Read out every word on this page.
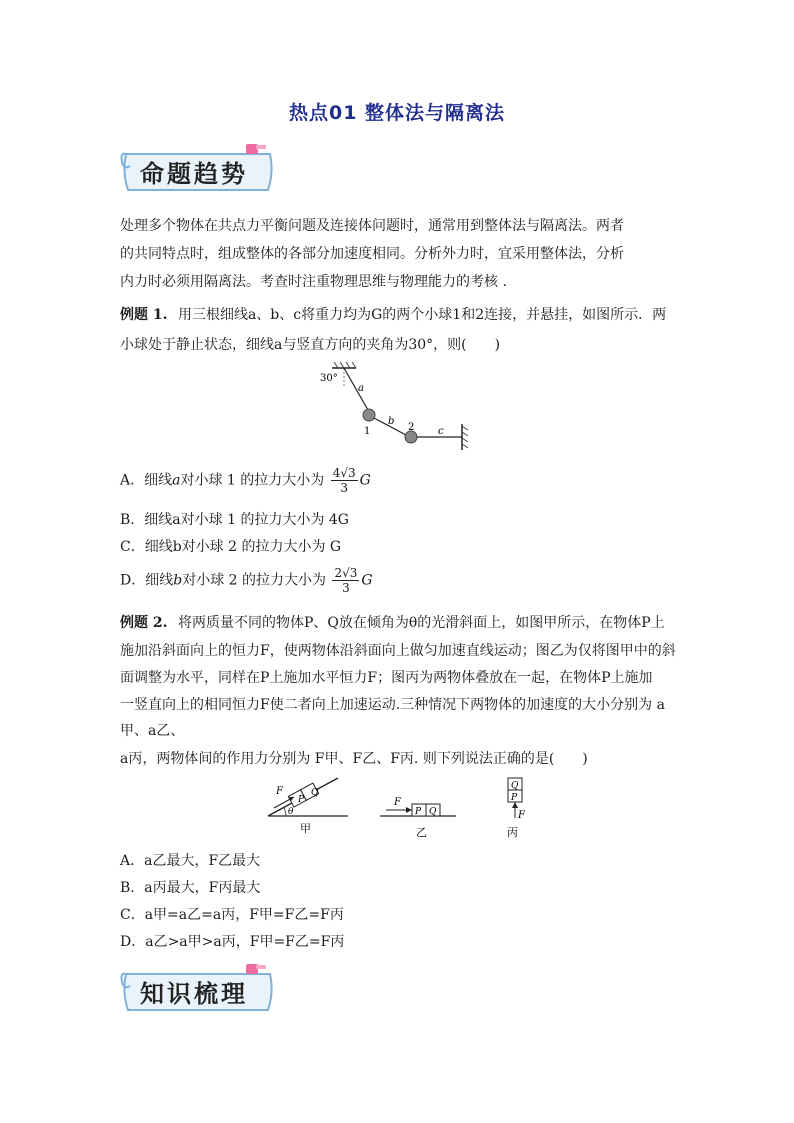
热点01 整体法与隔离法
命题趋势
处理多个物体在共点力平衡问题及连接体问题时，通常用到整体法与隔离法。两者
的共同特点时，组成整体的各部分加速度相同。分析外力时，宜采用整体法，分析
内力时必须用隔离法。考查时注重物理思维与物理能力的考核 .
例题 1. 用三根细线a、b、c将重力均为G的两个小球1和2连接，并悬挂，如图所示．两
小球处于静止状态，细线a与竖直方向的夹角为30°，则(　　)
30°
a
b
c
1	2
A．细线a对小球 1 的拉力大小为 $\frac{4√3}{3}$ G
B．细线a对小球 1 的拉力大小为 4G
C．细线b对小球 2 的拉力大小为 G
D．细线b对小球 2 的拉力大小为 $\frac{2√3}{3}$ G
例题 2. 将两质量不同的物体P、Q放在倾角为θ的光滑斜面上，如图甲所示，在物体P上
施加沿斜面向上的恒力F，使两物体沿斜面向上做匀加速直线运动；图乙为仅将图甲中的斜
面调整为水平，同样在P上施加水平恒力F；图丙为两物体叠放在一起，在物体P上施加
一竖直向上的相同恒力F使二者向上加速运动.三种情况下两物体的加速度的大小分别为 a
甲、a乙、
a丙，两物体间的作用力分别为 F甲、F乙、F丙. 则下列说法正确的是(　　)
F
P
Q
θ
甲
F
P Q
乙
Q
P
F
丙
A．a乙最大，F乙最大
B．a丙最大，F丙最大
C．a甲=a乙=a丙，F甲=F乙=F丙
D．a乙>a甲>a丙，F甲=F乙=F丙
知识梳理
